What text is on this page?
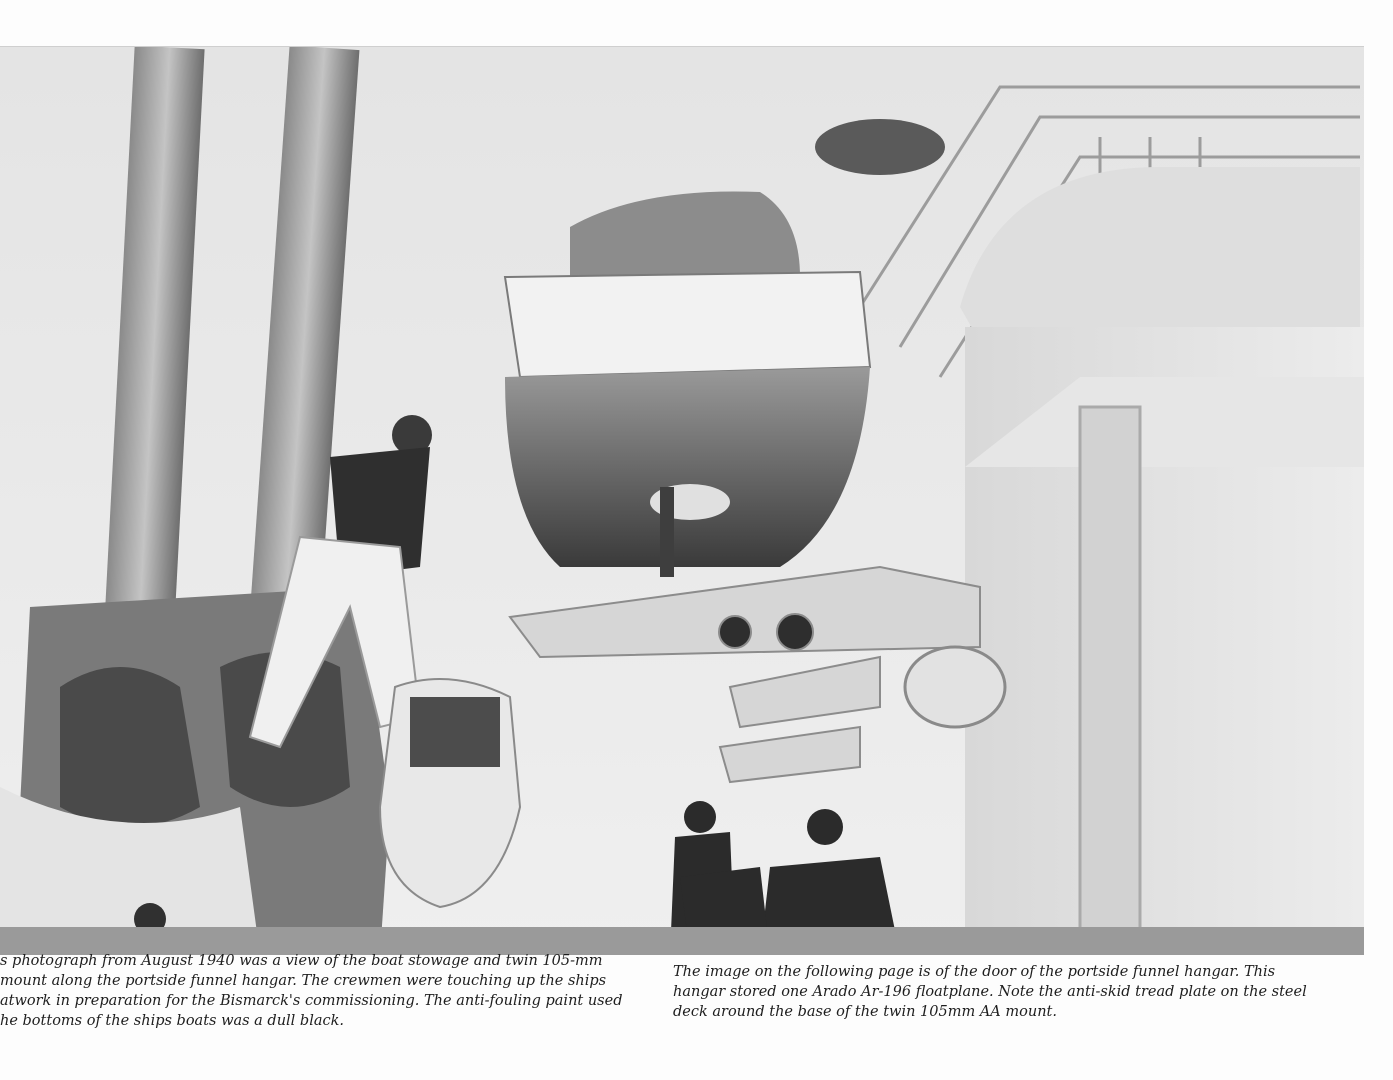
s photograph from August 1940 was a view of the boat stowage and twin 105-mm
mount along the portside funnel hangar. The crewmen were touching up the ships
atwork in preparation for the Bismarck's commissioning. The anti-fouling paint used
he bottoms of the ships boats was a dull black.
The image on the following page is of the door of the portside funnel hangar. This
hangar stored one Arado Ar-196 floatplane. Note the anti-skid tread plate on the steel
deck around the base of the twin 105mm AA mount.
